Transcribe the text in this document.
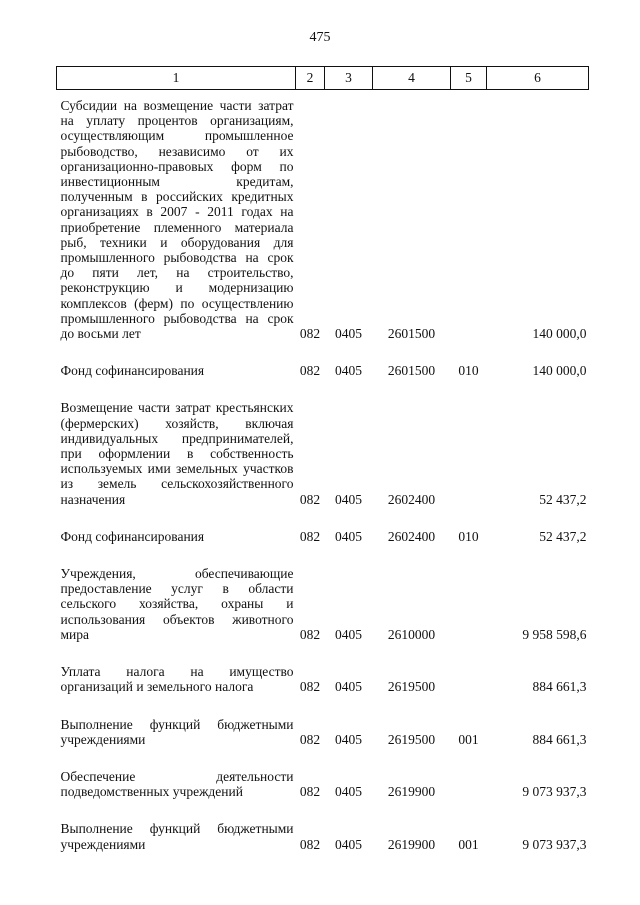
475
1	2	3	4	5	6

Субсидии на возмещение части затрат на уплату процентов организациям, осуществляющим промышленное рыбоводство, независимо от их организационно-правовых форм по инвестиционным кредитам, полученным в российских кредитных организациях в 2007 - 2011 годах на приобретение племенного материала рыб, техники и оборудования для промышленного рыбоводства на срок до пяти лет, на строительство, реконструкцию и модернизацию комплексов (ферм) по осуществлению промышленного рыбоводства на срок до восьми лет	082	0405	2601500		140 000,0

Фонд софинансирования	082	0405	2601500	010	140 000,0

Возмещение части затрат крестьянских (фермерских) хозяйств, включая индивидуальных предпринимателей, при оформлении в собственность используемых ими земельных участков из земель сельскохозяйственного назначения	082	0405	2602400		52 437,2

Фонд софинансирования	082	0405	2602400	010	52 437,2

Учреждения, обеспечивающие предоставление услуг в области сельского хозяйства, охраны и использования объектов животного мира	082	0405	2610000		9 958 598,6

Уплата налога на имущество организаций и земельного налога	082	0405	2619500		884 661,3

Выполнение функций бюджетными учреждениями	082	0405	2619500	001	884 661,3

Обеспечение деятельности подведомственных учреждений	082	0405	2619900		9 073 937,3

Выполнение функций бюджетными учреждениями	082	0405	2619900	001	9 073 937,3
